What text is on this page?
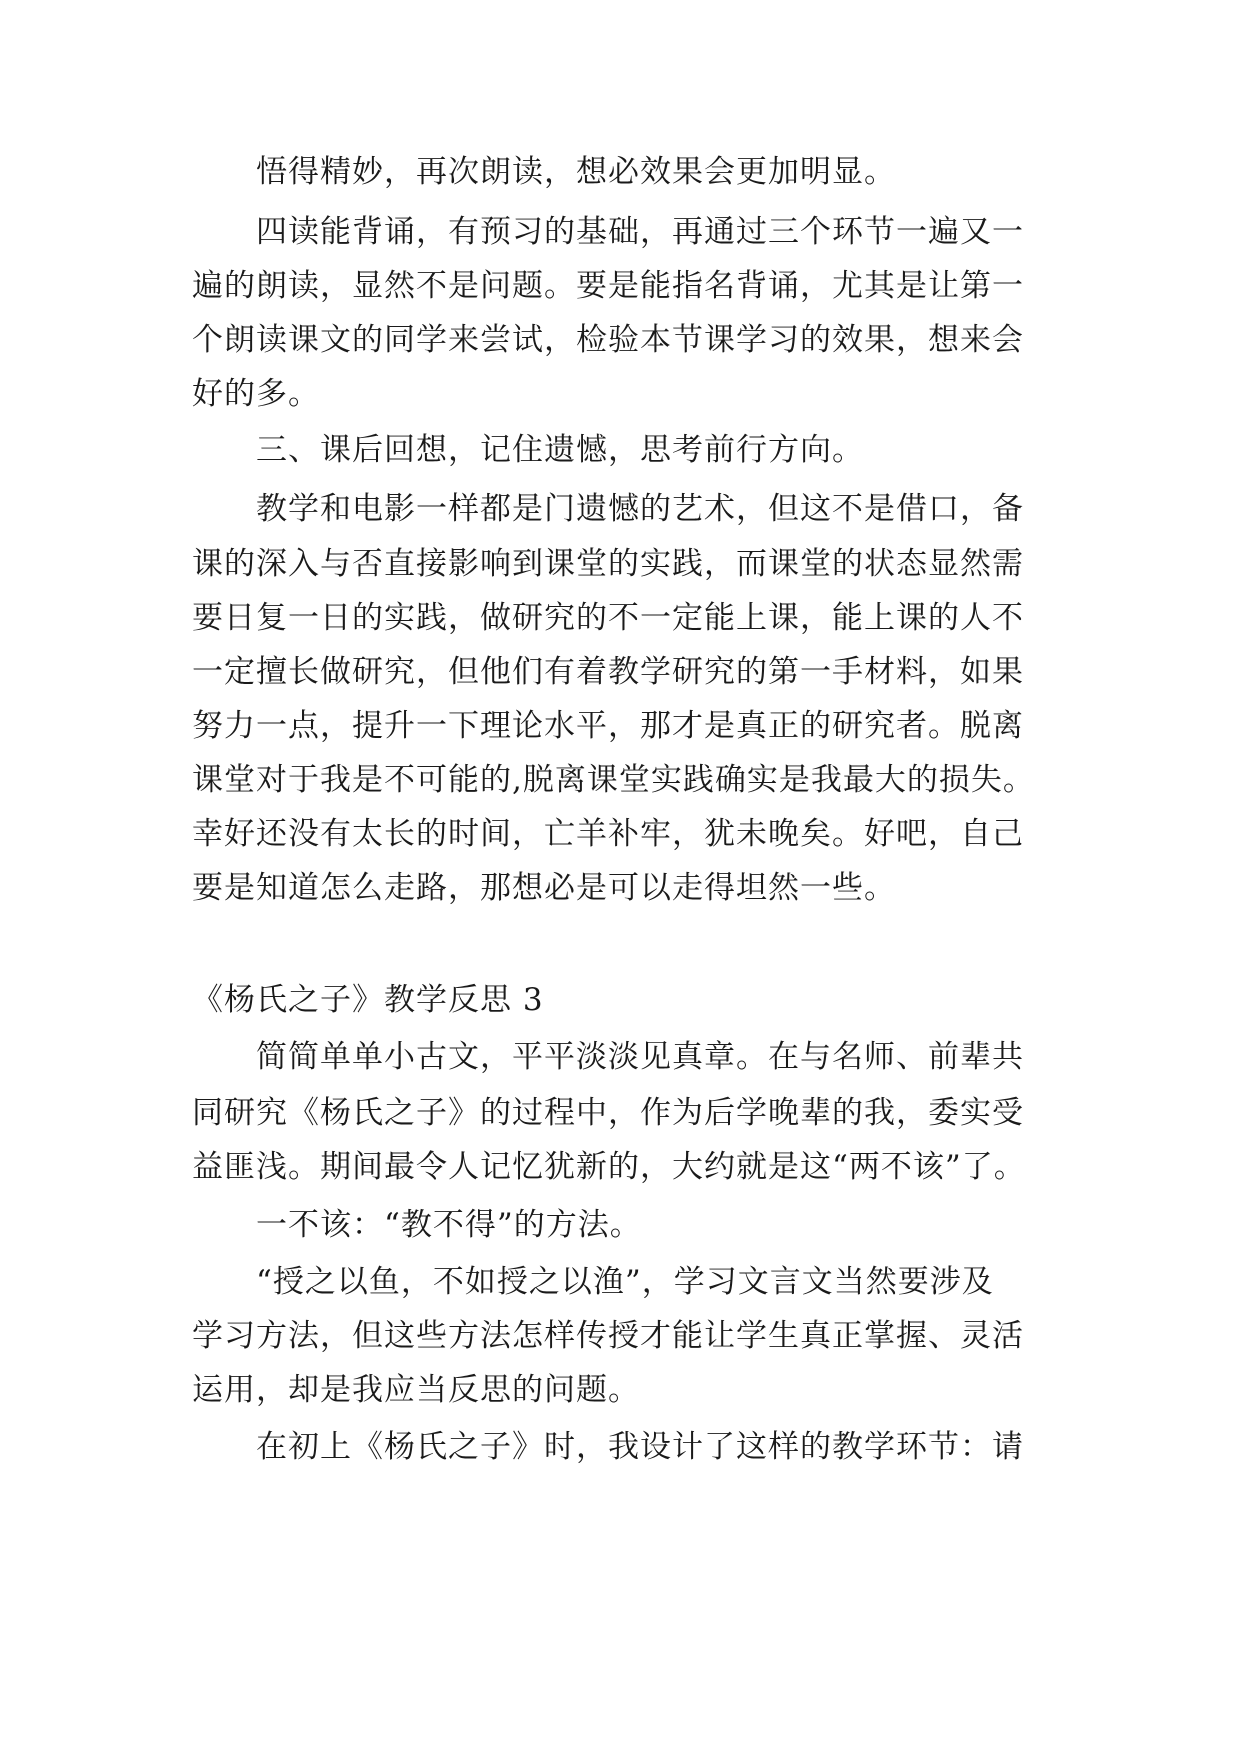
悟得精妙，再次朗读，想必效果会更加明显。
四读能背诵，有预习的基础，再通过三个环节一遍又一
遍的朗读，显然不是问题。要是能指名背诵，尤其是让第一
个朗读课文的同学来尝试，检验本节课学习的效果，想来会
好的多。
三、课后回想，记住遗憾，思考前行方向。
教学和电影一样都是门遗憾的艺术，但这不是借口，备
课的深入与否直接影响到课堂的实践，而课堂的状态显然需
要日复一日的实践，做研究的不一定能上课，能上课的人不
一定擅长做研究，但他们有着教学研究的第一手材料，如果
努力一点，提升一下理论水平，那才是真正的研究者。脱离
课堂对于我是不可能的,脱离课堂实践确实是我最大的损失。
幸好还没有太长的时间，亡羊补牢，犹未晚矣。好吧，自己
要是知道怎么走路，那想必是可以走得坦然一些。
《杨氏之子》教学反思 3
简简单单小古文，平平淡淡见真章。在与名师、前辈共
同研究《杨氏之子》的过程中，作为后学晚辈的我，委实受
益匪浅。期间最令人记忆犹新的，大约就是这“两不该”了。
一不该：“教不得”的方法。
“授之以鱼，不如授之以渔”，学习文言文当然要涉及
学习方法，但这些方法怎样传授才能让学生真正掌握、灵活
运用，却是我应当反思的问题。
在初上《杨氏之子》时，我设计了这样的教学环节：请
